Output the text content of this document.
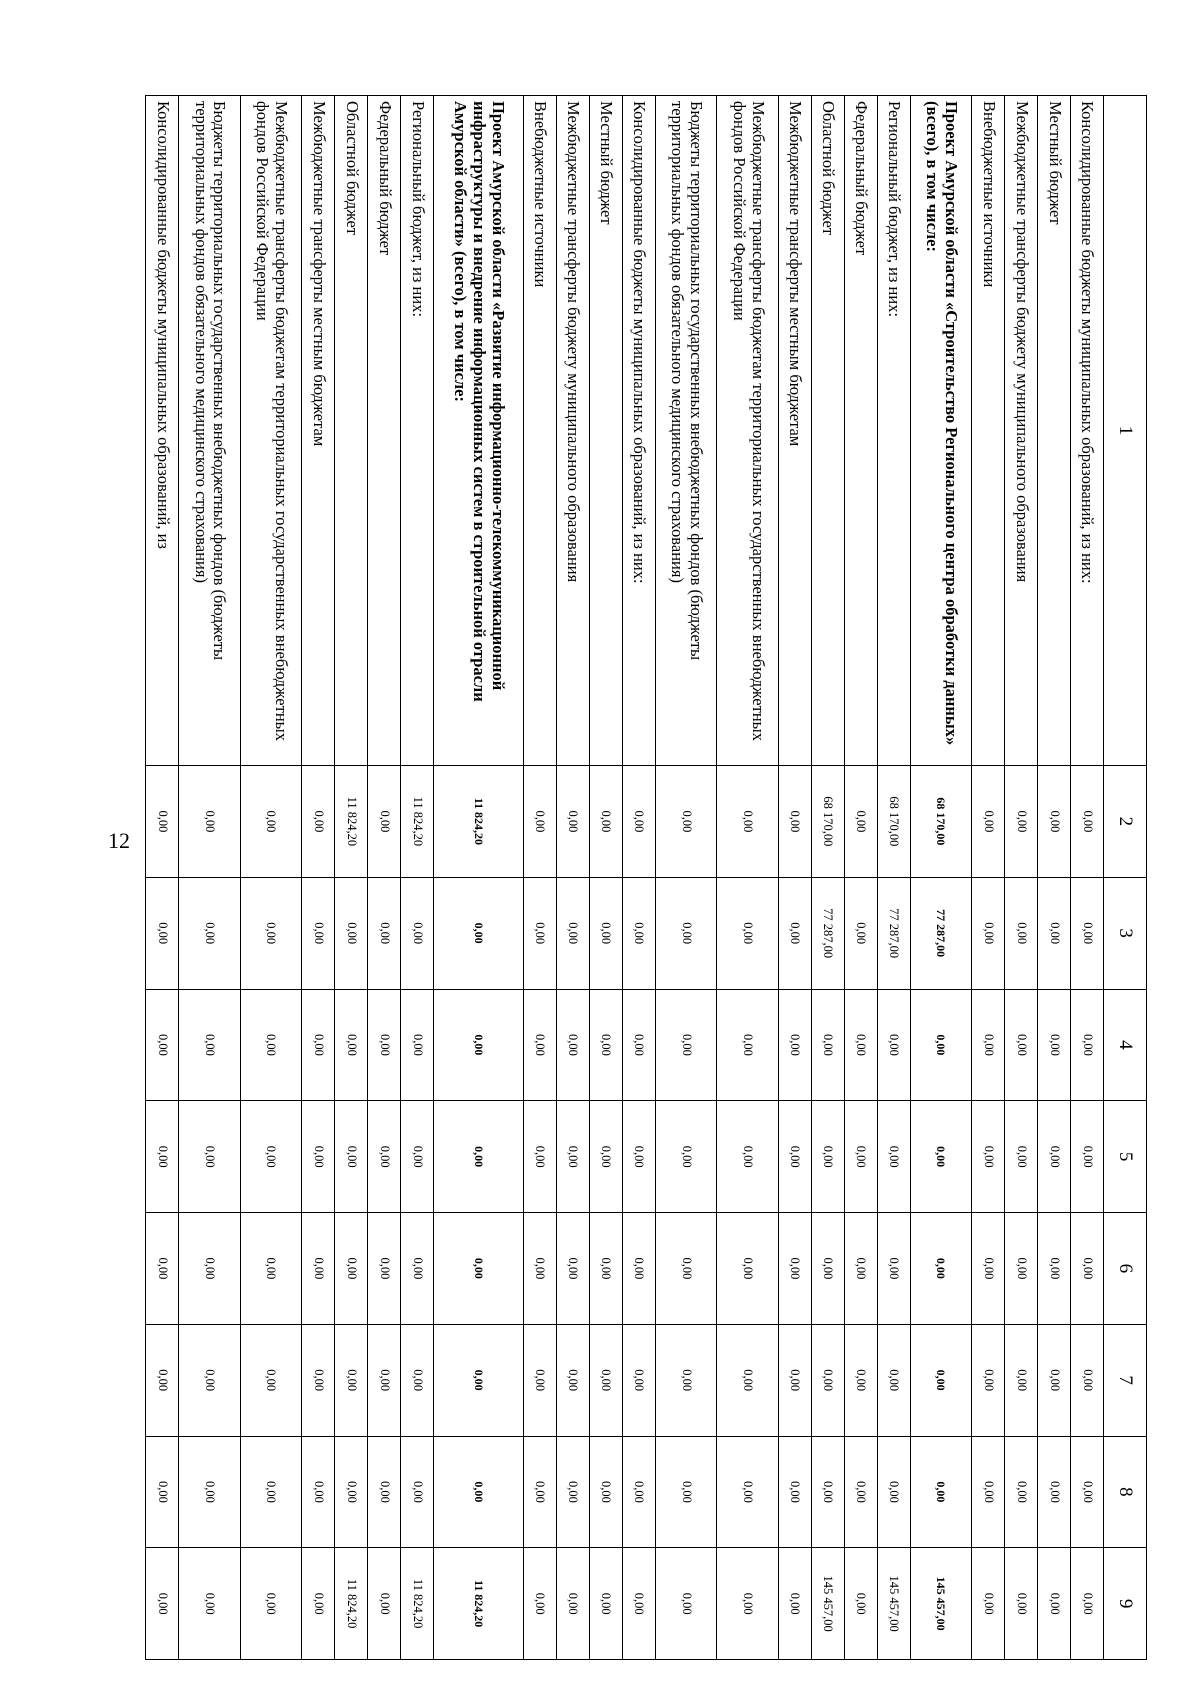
12
1	2	3	4	5	6	7	8	9
Консолидированные бюджеты муниципальных образований, из них:	0,00	0,00	0,00	0,00	0,00	0,00	0,00	0,00
Местный бюджет	0,00	0,00	0,00	0,00	0,00	0,00	0,00	0,00
Межбюджетные трансферты бюджету муниципального образования	0,00	0,00	0,00	0,00	0,00	0,00	0,00	0,00
Внебюджетные источники	0,00	0,00	0,00	0,00	0,00	0,00	0,00	0,00
Проект Амурской области «Строительство Регионального центра обработки данных» (всего), в том числе:	68 170,00	77 287,00	0,00	0,00	0,00	0,00	0,00	145 457,00
Региональный бюджет, из них:	68 170,00	77 287,00	0,00	0,00	0,00	0,00	0,00	145 457,00
Федеральный бюджет	0,00	0,00	0,00	0,00	0,00	0,00	0,00	0,00
Областной бюджет	68 170,00	77 287,00	0,00	0,00	0,00	0,00	0,00	145 457,00
Межбюджетные трансферты местным бюджетам	0,00	0,00	0,00	0,00	0,00	0,00	0,00	0,00
Межбюджетные трансферты бюджетам территориальных государственных внебюджетных фондов Российской Федерации	0,00	0,00	0,00	0,00	0,00	0,00	0,00	0,00
Бюджеты территориальных государственных внебюджетных фондов (бюджеты территориальных фондов обязательного медицинского страхования)	0,00	0,00	0,00	0,00	0,00	0,00	0,00	0,00
Консолидированные бюджеты муниципальных образований, из них:	0,00	0,00	0,00	0,00	0,00	0,00	0,00	0,00
Местный бюджет	0,00	0,00	0,00	0,00	0,00	0,00	0,00	0,00
Межбюджетные трансферты бюджету муниципального образования	0,00	0,00	0,00	0,00	0,00	0,00	0,00	0,00
Внебюджетные источники	0,00	0,00	0,00	0,00	0,00	0,00	0,00	0,00
Проект Амурской области «Развитие информационно-телекоммуникационной инфраструктуры и внедрение информационных систем в строительной отрасли Амурской области» (всего), в том числе:	11 824,20	0,00	0,00	0,00	0,00	0,00	0,00	11 824,20
Региональный бюджет, из них:	11 824,20	0,00	0,00	0,00	0,00	0,00	0,00	11 824,20
Федеральный бюджет	0,00	0,00	0,00	0,00	0,00	0,00	0,00	0,00
Областной бюджет	11 824,20	0,00	0,00	0,00	0,00	0,00	0,00	11 824,20
Межбюджетные трансферты местным бюджетам	0,00	0,00	0,00	0,00	0,00	0,00	0,00	0,00
Межбюджетные трансферты бюджетам территориальных государственных внебюджетных фондов Российской Федерации	0,00	0,00	0,00	0,00	0,00	0,00	0,00	0,00
Бюджеты территориальных государственных внебюджетных фондов (бюджеты территориальных фондов обязательного медицинского страхования)	0,00	0,00	0,00	0,00	0,00	0,00	0,00	0,00
Консолидированные бюджеты муниципальных образований, из	0,00	0,00	0,00	0,00	0,00	0,00	0,00	0,00
